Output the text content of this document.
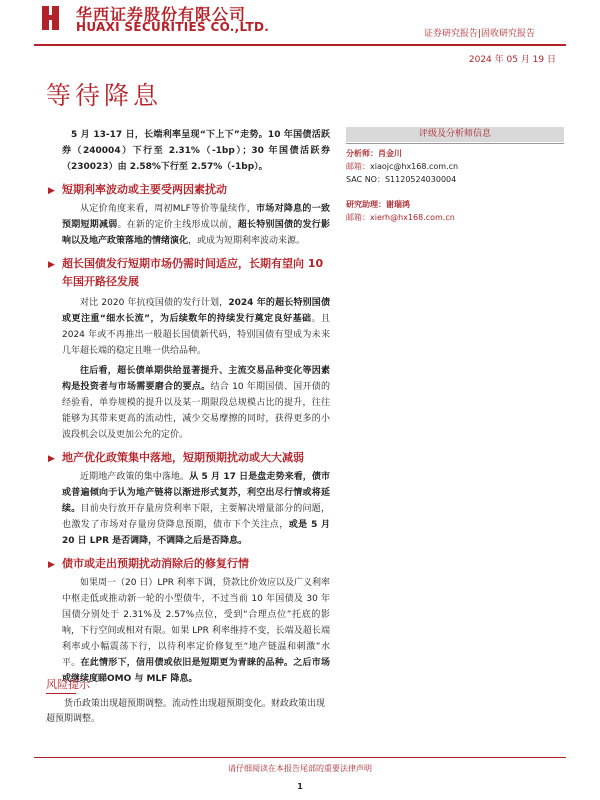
华西证券股份有限公司
HUAXI SECURITIES CO.,LTD.	证券研究报告|固收研究报告
2024 年 05 月 19 日
等待降息

5 月 13-17 日，长端利率呈现“下上下”走势。10 年国债活跃券（240004）下行至 2.31%（-1bp）；30 年国债活跃券（230023）由 2.58%下行至 2.57%（-1bp）。

▶ 短期利率波动或主要受两因素扰动

从定价角度来看，周初MLF等价等量续作，市场对降息的一致预期短期减弱。在新的定价主线形成以前，超长特别国债的发行影响以及地产政策落地的情绪演化，或成为短期利率波动来源。

▶ 超长国债发行短期市场仍需时间适应，长期有望向 10 年国开路径发展

对比 2020 年抗疫国债的发行计划，2024 年的超长特别国债或更注重“细水长流”，为后续数年的持续发行奠定良好基础。且 2024 年或不再推出一般超长国债新代码，特别国债有望成为未来几年超长端的稳定且唯一供给品种。

往后看，超长债单期供给显著提升、主流交易品种变化等因素构是投资者与市场需要磨合的要点。结合 10 年期国债、国开债的经验看，单券规模的提升以及某一期限段总规模占比的提升，往往能够为其带来更高的流动性，减少交易摩擦的同时，获得更多的小波段机会以及更加公允的定价。

▶ 地产优化政策集中落地，短期预期扰动或大大减弱

近期地产政策的集中落地。从 5 月 17 日是盘走势来看，债市或普遍倾向于认为地产链将以渐进形式复苏，利空出尽行情或将延续。目前央行放开存量房贷利率下限，主要解决增量部分的问题，也激发了市场对存量房贷降息预期，债市下个关注点，或是 5 月 20 日 LPR 是否调降，不调降之后是否降息。

▶ 债市或走出预期扰动消除后的修复行情

如果周一（20 日）LPR 利率下调，贷款比价效应以及广义利率中枢走低或推动新一轮的小型债牛，不过当前 10 年国债及 30 年国债分别处于 2.31%及 2.57%点位，受到“合理点位”托底的影响，下行空间或相对有限。如果 LPR 利率维持不变，长端及超长端利率或小幅震荡下行，以待利率定价修复至“地产链温和刺激”水平。在此情形下，信用债或依旧是短期更为青睐的品种。之后市场或继续度睇OMO 与 MLF 降息。

评级及分析师信息
分析师：肖金川
邮箱：xiaojc@hx168.com.cn
SAC NO：S1120524030004
研究助理：谢瑞鸿
邮箱：xierh@hx168.com.cn
风险提示

货币政策出现超预期调整。流动性出现超预期变化。财政政策出现超预期调整。

请仔细阅读在本报告尾部的重要法律声明
1
